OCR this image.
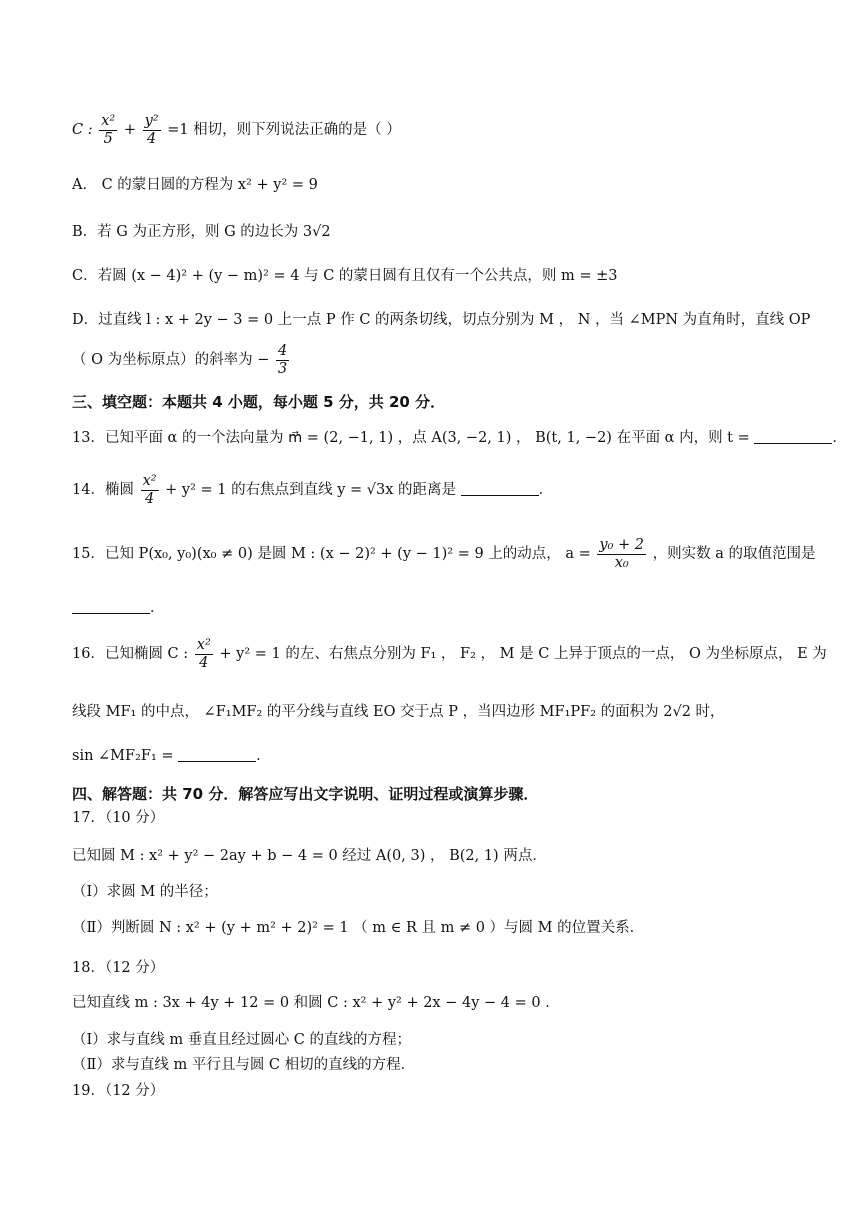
C : $\frac{\text{x²}}{5} + \frac{\text{y²}}{4} =1$ 相切，则下列说法正确的是（ ）
A． C 的蒙日圆的方程为 x² + y² = 9
B．若 G 为正方形，则 G 的边长为 3√2
C．若圆 (x − 4)² + (y − m)² = 4 与 C 的蒙日圆有且仅有一个公共点，则 m = ±3
D．过直线 l : x + 2y − 3 = 0 上一点 P 作 C 的两条切线，切点分别为 M ， N ，当 ∠MPN 为直角时，直线 OP
（ O 为坐标原点）的斜率为 − $\frac{4}{3}$
三、填空题：本题共 4 小题，每小题 5 分，共 20 分．
13．已知平面 α 的一个法向量为 m⃗ = (2, −1, 1) ，点 A(3, −2, 1) ， B(t, 1, −2) 在平面 α 内，则 t =	．
14．椭圆 $\frac{\text{x²}}{4} + y^2 = 1$ 的右焦点到直线 y = √3x 的距离是	．
15．已知 P(x₀, y₀)(x₀ ≠ 0) 是圆 M : (x − 2)² + (y − 1)² = 9 上的动点， $a = \frac{\text{y₀ + 2}}{\text{x₀}}$ ，则实数 a 的取值范围是
．
16．已知椭圆 C : $\frac{\text{x²}}{4} + y^2 = 1$ 的左、右焦点分别为 F₁ ， F₂ ， M 是 C 上异于顶点的一点， O 为坐标原点， E 为
线段 MF₁ 的中点， ∠F₁MF₂ 的平分线与直线 EO 交于点 P ，当四边形 MF₁PF₂ 的面积为 2√2 时，
sin ∠MF₂F₁ =	．
四、解答题：共 70 分．解答应写出文字说明、证明过程或演算步骤．
17．（10 分）
已知圆 M : x² + y² − 2ay + b − 4 = 0 经过 A(0, 3) ， B(2, 1) 两点．
（Ⅰ）求圆 M 的半径；
（Ⅱ）判断圆 N : x² + (y + m² + 2)² = 1 （ m ∈ R 且 m ≠ 0 ）与圆 M 的位置关系．
18．（12 分）
已知直线 m : 3x + 4y + 12 = 0 和圆 C : x² + y² + 2x − 4y − 4 = 0 ．
（Ⅰ）求与直线 m 垂直且经过圆心 C 的直线的方程；
（Ⅱ）求与直线 m 平行且与圆 C 相切的直线的方程．
19．（12 分）
